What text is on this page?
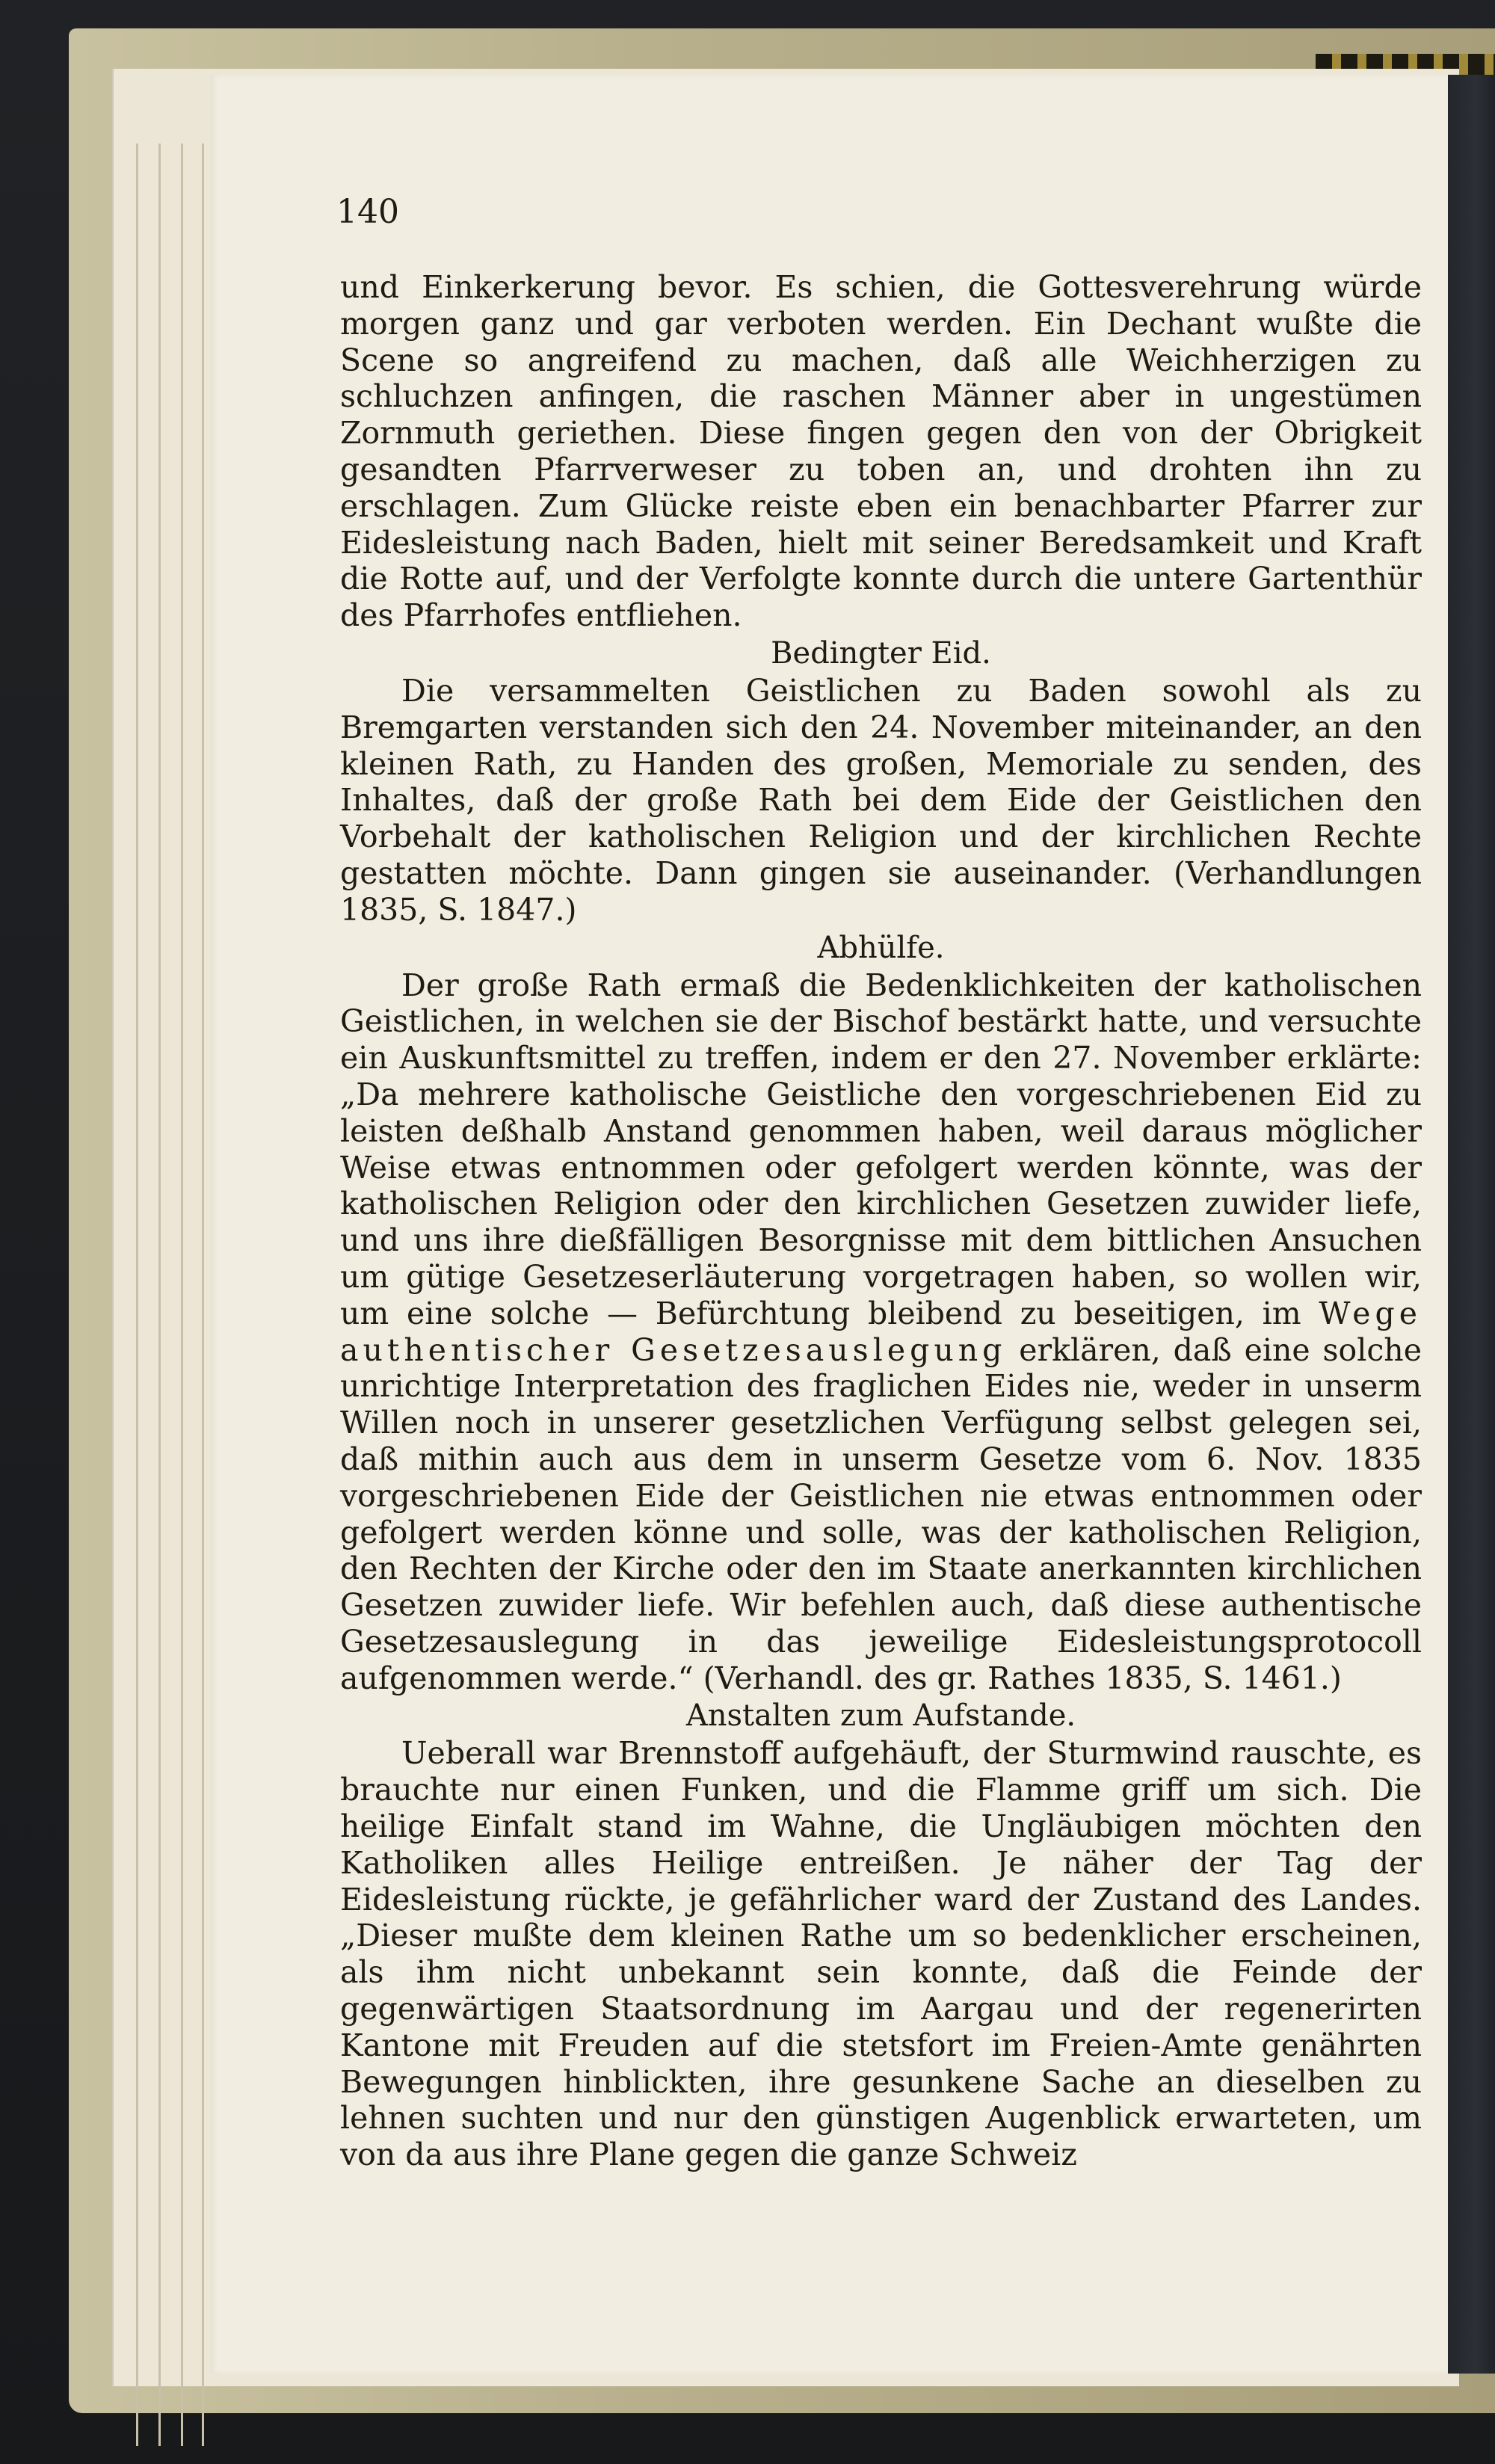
140

und Einkerkerung bevor. Es schien, die Gottesverehrung würde morgen ganz und gar verboten werden. Ein Dechant wußte die Scene so angreifend zu machen, daß alle Weichherzigen zu schluchzen anfingen, die raschen Männer aber in ungestümen Zornmuth geriethen. Diese fingen gegen den von der Obrigkeit gesandten Pfarrverweser zu toben an, und drohten ihn zu erschlagen. Zum Glücke reiste eben ein benachbarter Pfarrer zur Eidesleistung nach Baden, hielt mit seiner Beredsamkeit und Kraft die Rotte auf, und der Verfolgte konnte durch die untere Gartenthür des Pfarrhofes entfliehen.

Bedingter Eid.

Die versammelten Geistlichen zu Baden sowohl als zu Bremgarten verstanden sich den 24. November miteinander, an den kleinen Rath, zu Handen des großen, Memoriale zu senden, des Inhaltes, daß der große Rath bei dem Eide der Geistlichen den Vorbehalt der katholischen Religion und der kirchlichen Rechte gestatten möchte. Dann gingen sie auseinander. (Verhandlungen 1835, S. 1847.)

Abhülfe.

Der große Rath ermaß die Bedenklichkeiten der katholischen Geistlichen, in welchen sie der Bischof bestärkt hatte, und versuchte ein Auskunftsmittel zu treffen, indem er den 27. November erklärte: „Da mehrere katholische Geistliche den vorgeschriebenen Eid zu leisten deßhalb Anstand genommen haben, weil daraus möglicher Weise etwas entnommen oder gefolgert werden könnte, was der katholischen Religion oder den kirchlichen Gesetzen zuwider liefe, und uns ihre dießfälligen Besorgnisse mit dem bittlichen Ansuchen um gütige Gesetzeserläuterung vorgetragen haben, so wollen wir, um eine solche — Befürchtung bleibend zu beseitigen, im Wege authentischer Gesetzesauslegung erklären, daß eine solche unrichtige Interpretation des fraglichen Eides nie, weder in unserm Willen noch in unserer gesetzlichen Verfügung selbst gelegen sei, daß mithin auch aus dem in unserm Gesetze vom 6. Nov. 1835 vorgeschriebenen Eide der Geistlichen nie etwas entnommen oder gefolgert werden könne und solle, was der katholischen Religion, den Rechten der Kirche oder den im Staate anerkannten kirchlichen Gesetzen zuwider liefe. Wir befehlen auch, daß diese authentische Gesetzesauslegung in das jeweilige Eidesleistungsprotocoll aufgenommen werde.“ (Verhandl. des gr. Rathes 1835, S. 1461.)

Anstalten zum Aufstande.

Ueberall war Brennstoff aufgehäuft, der Sturmwind rauschte, es brauchte nur einen Funken, und die Flamme griff um sich. Die heilige Einfalt stand im Wahne, die Ungläubigen möchten den Katholiken alles Heilige entreißen. Je näher der Tag der Eidesleistung rückte, je gefährlicher ward der Zustand des Landes. „Dieser mußte dem kleinen Rathe um so bedenklicher erscheinen, als ihm nicht unbekannt sein konnte, daß die Feinde der gegenwärtigen Staatsordnung im Aargau und der regenerirten Kantone mit Freuden auf die stetsfort im Freien-Amte genährten Bewegungen hinblickten, ihre gesunkene Sache an dieselben zu lehnen suchten und nur den günstigen Augenblick erwarteten, um von da aus ihre Plane gegen die ganze Schweiz
